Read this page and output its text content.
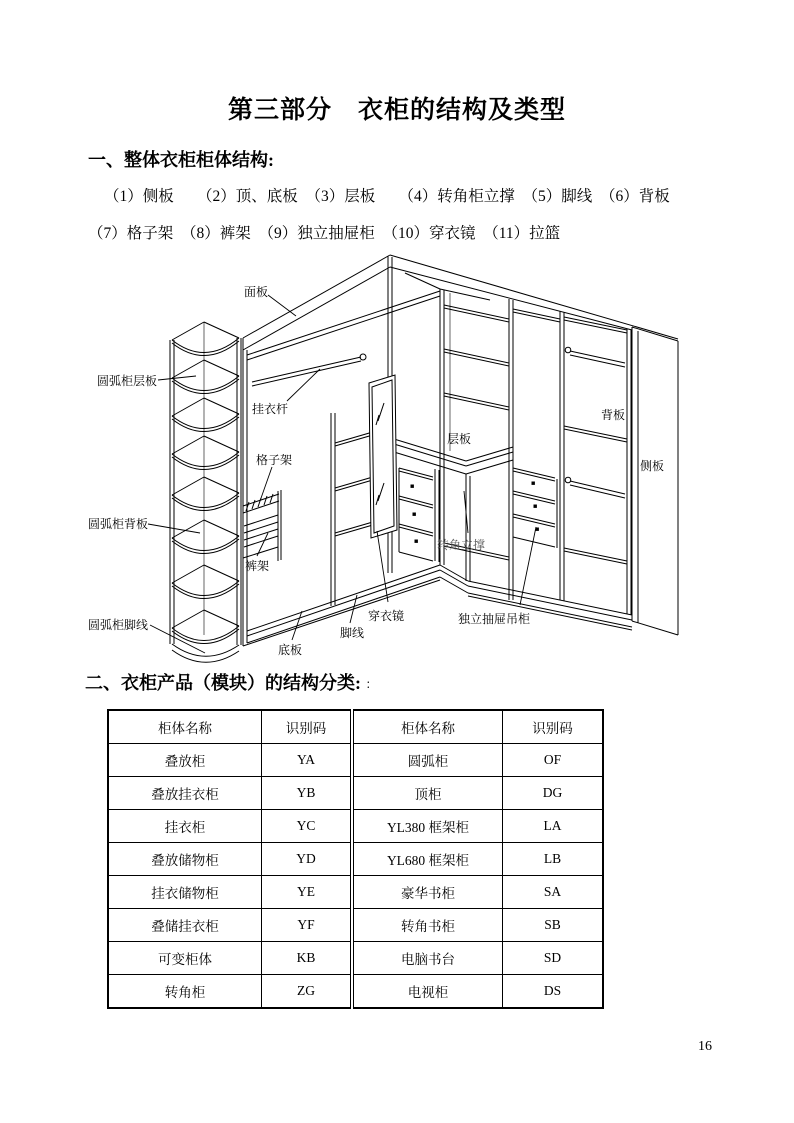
第三部分　衣柜的结构及类型
一、整体衣柜柜体结构:
（1）侧板　　（2）顶、底板　（3）层板　　（4）转角柜立撑　（5）脚线　（6）背板
（7）格子架　（8）裤架　（9）独立抽屉柜　（10）穿衣镜　（11）拉篮
面板
圆弧柜层板
挂衣杆
格子架
圆弧柜背板
裤架
圆弧柜脚线
底板
脚线
穿衣镜	独立抽屉吊柜
层板
转角立撑
背板
侧板
二、衣柜产品（模块）的结构分类: ：
柜体名称	识别码	柜体名称	识别码
叠放柜	YA	圆弧柜	OF
叠放挂衣柜	YB	顶柜	DG
挂衣柜	YC	YL380 框架柜	LA
叠放储物柜	YD	YL680 框架柜	LB
挂衣储物柜	YE	豪华书柜	SA
叠储挂衣柜	YF	转角书柜	SB
可变柜体	KB	电脑书台	SD
转角柜	ZG	电视柜	DS
16
